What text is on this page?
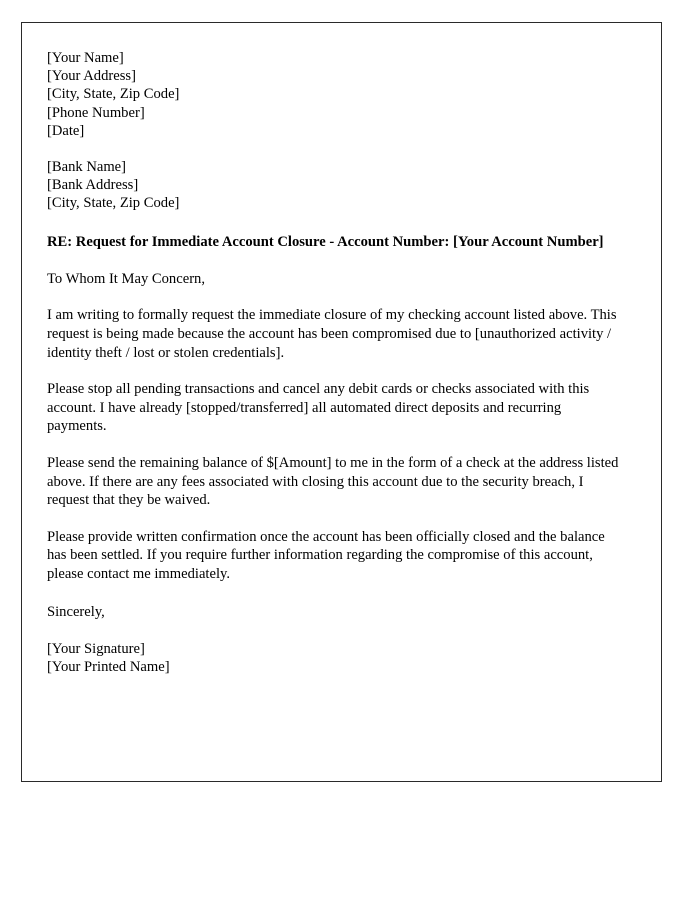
[Your Name]
[Your Address]
[City, State, Zip Code]
[Phone Number]
[Date]
[Bank Name]
[Bank Address]
[City, State, Zip Code]
RE: Request for Immediate Account Closure - Account Number: [Your Account Number]
To Whom It May Concern,
I am writing to formally request the immediate closure of my checking account listed above. This request is being made because the account has been compromised due to [unauthorized activity / identity theft / lost or stolen credentials].
Please stop all pending transactions and cancel any debit cards or checks associated with this account. I have already [stopped/transferred] all automated direct deposits and recurring payments.
Please send the remaining balance of $[Amount] to me in the form of a check at the address listed above. If there are any fees associated with closing this account due to the security breach, I request that they be waived.
Please provide written confirmation once the account has been officially closed and the balance has been settled. If you require further information regarding the compromise of this account, please contact me immediately.
Sincerely,
[Your Signature]
[Your Printed Name]
